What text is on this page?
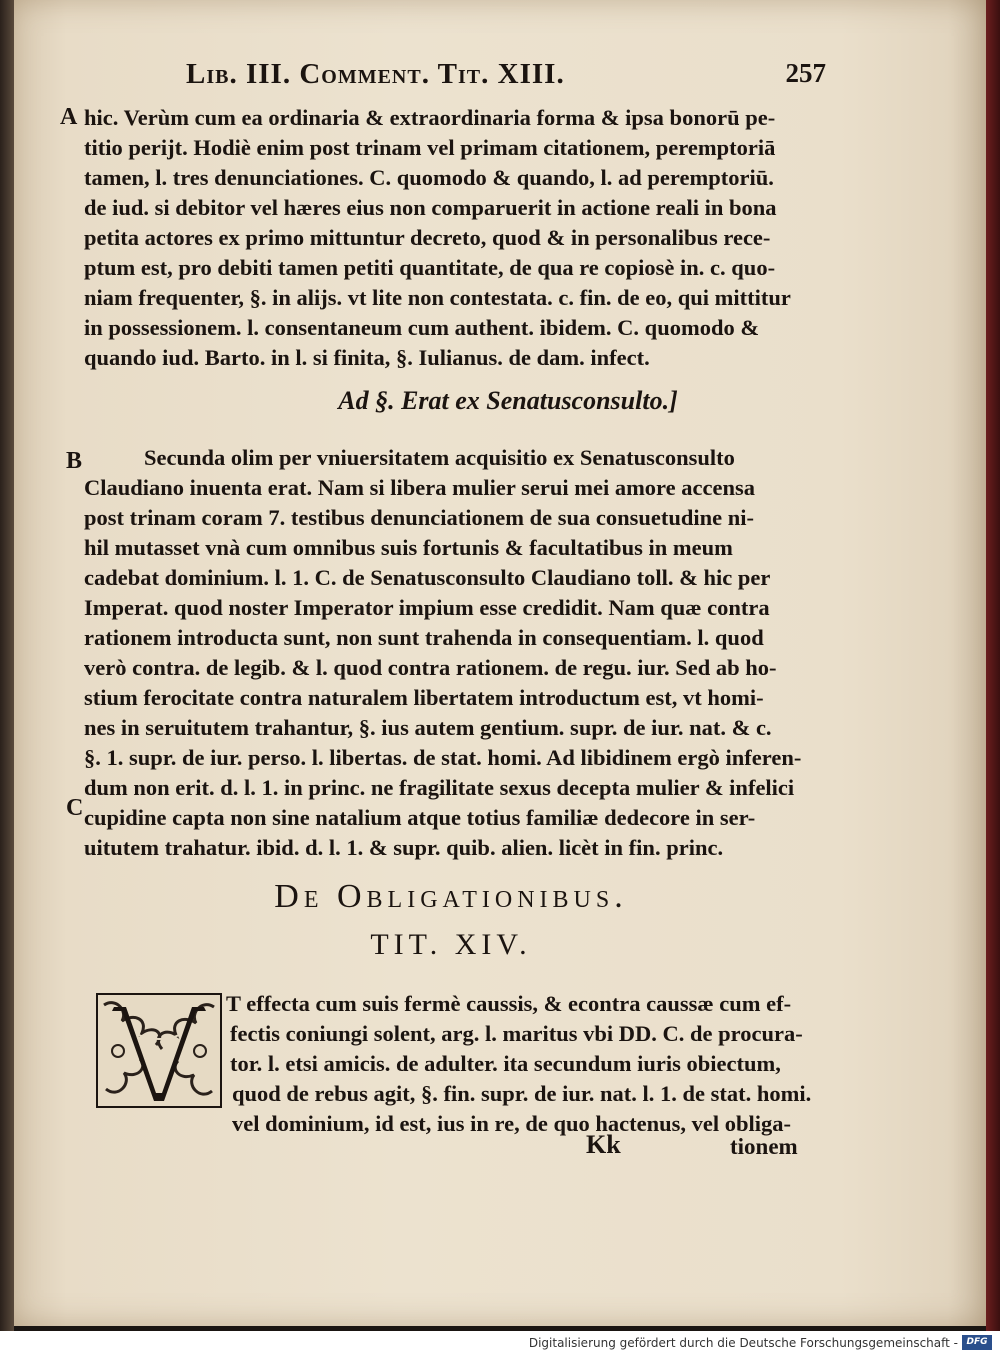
Lib. III. Comment. Tit. XIII.	257
A hic. Verùm cum ea ordinaria & extraordinaria forma & ipsa bonorū pe-
titio perijt. Hodiè enim post trinam vel primam citationem, peremptoriā
tamen, l. tres denunciationes. C. quomodo & quando, l. ad peremptoriū.
de iud. si debitor vel hæres eius non comparuerit in actione reali in bona
petita actores ex primo mittuntur decreto, quod & in personalibus rece-
ptum est, pro debiti tamen petiti quantitate, de qua re copiosè in. c. quo-
niam frequenter, §. in alijs. vt lite non contestata. c. fin. de eo, qui mittitur
in possessionem. l. consentaneum cum authent. ibidem. C. quomodo &
quando iud. Barto. in l. si finita, §. Iulianus. de dam. infect.
Ad §. Erat ex Senatusconsulto.]
B	Secunda olim per vniuersitatem acquisitio ex Senatusconsulto
Claudiano inuenta erat. Nam si libera mulier serui mei amore accensa
post trinam coram 7. testibus denunciationem de sua consuetudine ni-
hil mutasset vnà cum omnibus suis fortunis & facultatibus in meum
cadebat dominium. l. 1. C. de Senatusconsulto Claudiano toll. & hic per
Imperat. quod noster Imperator impium esse credidit. Nam quæ contra
rationem introducta sunt, non sunt trahenda in consequentiam. l. quod
verò contra. de legib. & l. quod contra rationem. de regu. iur. Sed ab ho-
stium ferocitate contra naturalem libertatem introductum est, vt homi-
nes in seruitutem trahantur, §. ius autem gentium. supr. de iur. nat. & c.
§. 1. supr. de iur. perso. l. libertas. de stat. homi. Ad libidinem ergò inferen-
dum non erit. d. l. 1. in princ. ne fragilitate sexus decepta mulier & infelici
C cupidine capta non sine natalium atque totius familiæ dedecore in ser-
uitutem trahatur. ibid. d. l. 1. & supr. quib. alien. licèt in fin. princ.
De Obligationibus.
TIT. XIV.
T effecta cum suis fermè caussis, & econtra caussæ cum ef-
fectis coniungi solent, arg. l. maritus vbi DD. C. de procura-
tor. l. etsi amicis. de adulter. ita secundum iuris obiectum,
quod de rebus agit, §. fin. supr. de iur. nat. l. 1. de stat. homi.
vel dominium, id est, ius in re, de quo hactenus, vel obliga-
Kk	tionem
Digitalisierung gefördert durch die Deutsche Forschungsgemeinschaft - DFG
